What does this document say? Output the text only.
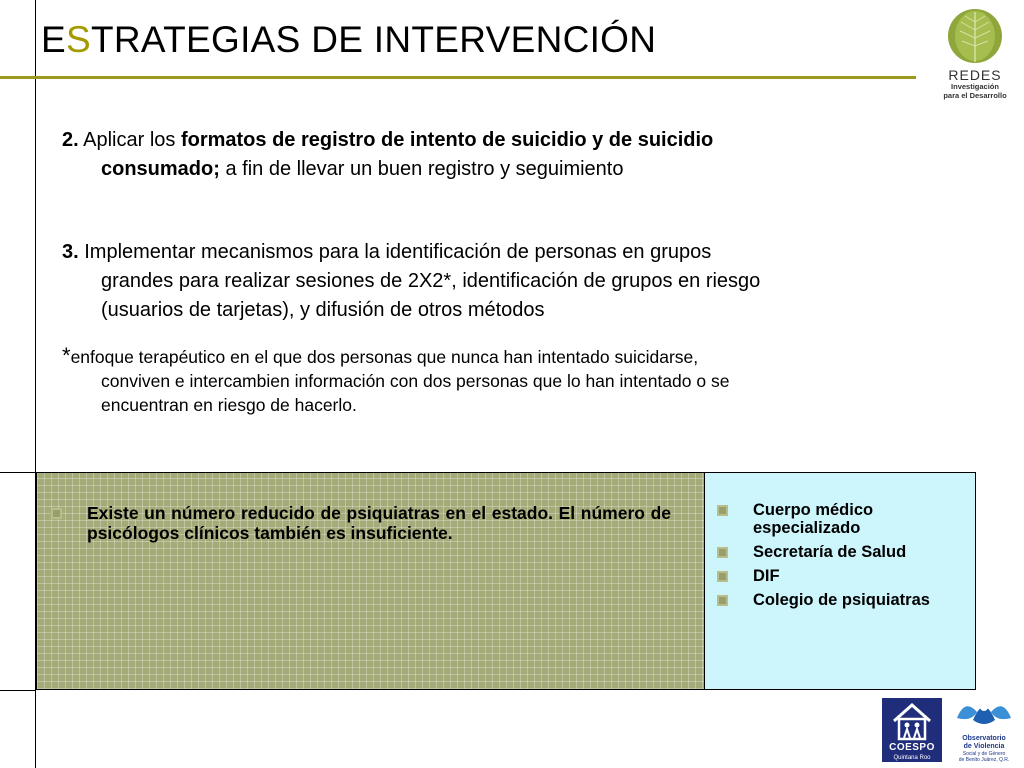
ESTRATEGIAS DE INTERVENCIÓN
REDES
Investigación
para el Desarrollo
2. Aplicar los formatos de registro de intento de suicidio y de suicidio
consumado; a fin de llevar un buen registro y seguimiento
3. Implementar mecanismos para la identificación de personas en grupos
grandes para realizar sesiones de 2X2*, identificación de grupos en riesgo
(usuarios de tarjetas), y difusión de otros métodos
*enfoque terapéutico en el que dos personas que nunca han intentado suicidarse,
conviven e intercambien información con dos personas que lo han intentado o se
encuentran en riesgo de hacerlo.
Existe un número reducido de psiquiatras en el estado. El número de psicólogos clínicos también es insuficiente.
Cuerpo médico especializado
Secretaría de Salud
DIF
Colegio de psiquiatras
COESPO
Quintana Roo
Observatorio
de Violencia
Social y de Género
de Benito Juárez, Q.R.
